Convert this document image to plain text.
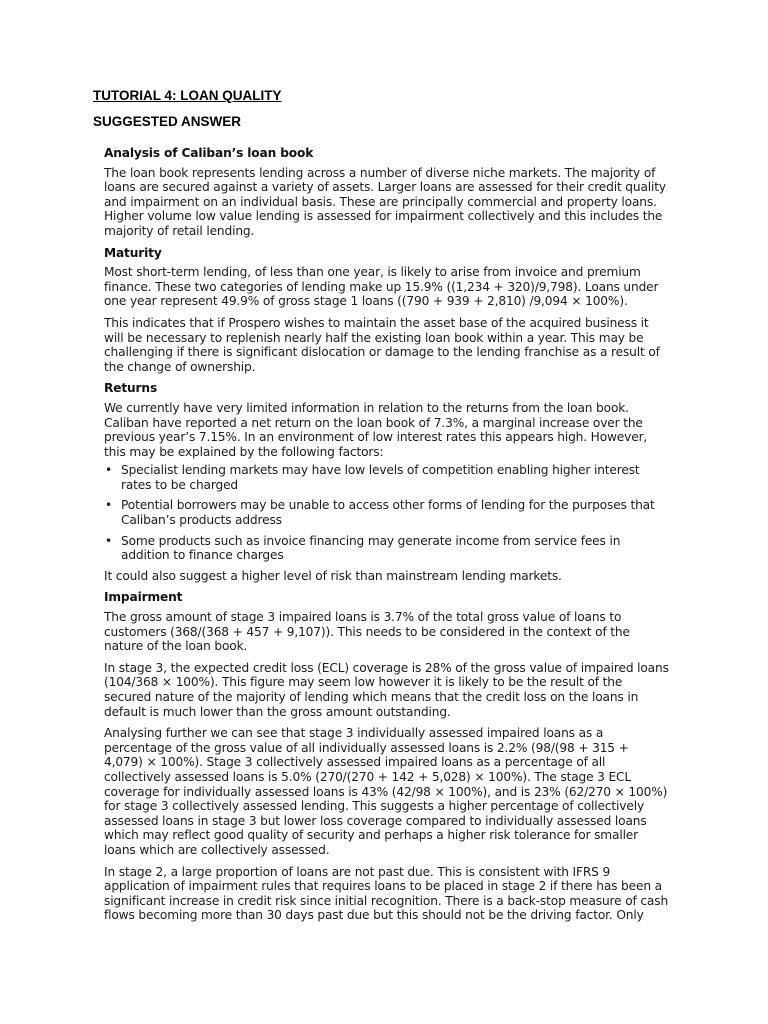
TUTORIAL 4: LOAN QUALITY
SUGGESTED ANSWER
Analysis of Caliban’s loan book

The loan book represents lending across a number of diverse niche markets. The majority of loans are secured against a variety of assets. Larger loans are assessed for their credit quality and impairment on an individual basis. These are principally commercial and property loans. Higher volume low value lending is assessed for impairment collectively and this includes the majority of retail lending.

Maturity

Most short-term lending, of less than one year, is likely to arise from invoice and premium finance. These two categories of lending make up 15.9% ((1,234 + 320)/9,798). Loans under one year represent 49.9% of gross stage 1 loans ((790 + 939 + 2,810) /9,094 × 100%).

This indicates that if Prospero wishes to maintain the asset base of the acquired business it will be necessary to replenish nearly half the existing loan book within a year. This may be challenging if there is significant dislocation or damage to the lending franchise as a result of the change of ownership.

Returns

We currently have very limited information in relation to the returns from the loan book. Caliban have reported a net return on the loan book of 7.3%, a marginal increase over the previous year’s 7.15%. In an environment of low interest rates this appears high. However, this may be explained by the following factors:

• Specialist lending markets may have low levels of competition enabling higher interest rates to be charged
• Potential borrowers may be unable to access other forms of lending for the purposes that Caliban’s products address
• Some products such as invoice financing may generate income from service fees in addition to finance charges

It could also suggest a higher level of risk than mainstream lending markets.

Impairment

The gross amount of stage 3 impaired loans is 3.7% of the total gross value of loans to customers (368/(368 + 457 + 9,107)). This needs to be considered in the context of the nature of the loan book.

In stage 3, the expected credit loss (ECL) coverage is 28% of the gross value of impaired loans (104/368 × 100%). This figure may seem low however it is likely to be the result of the secured nature of the majority of lending which means that the credit loss on the loans in default is much lower than the gross amount outstanding.

Analysing further we can see that stage 3 individually assessed impaired loans as a percentage of the gross value of all individually assessed loans is 2.2% (98/(98 + 315 + 4,079) × 100%). Stage 3 collectively assessed impaired loans as a percentage of all collectively assessed loans is 5.0% (270/(270 + 142 + 5,028) × 100%). The stage 3 ECL coverage for individually assessed loans is 43% (42/98 × 100%), and is 23% (62/270 × 100%) for stage 3 collectively assessed lending. This suggests a higher percentage of collectively assessed loans in stage 3 but lower loss coverage compared to individually assessed loans which may reflect good quality of security and perhaps a higher risk tolerance for smaller loans which are collectively assessed.

In stage 2, a large proportion of loans are not past due. This is consistent with IFRS 9 application of impairment rules that requires loans to be placed in stage 2 if there has been a significant increase in credit risk since initial recognition. There is a back-stop measure of cash flows becoming more than 30 days past due but this should not be the driving factor. Only
